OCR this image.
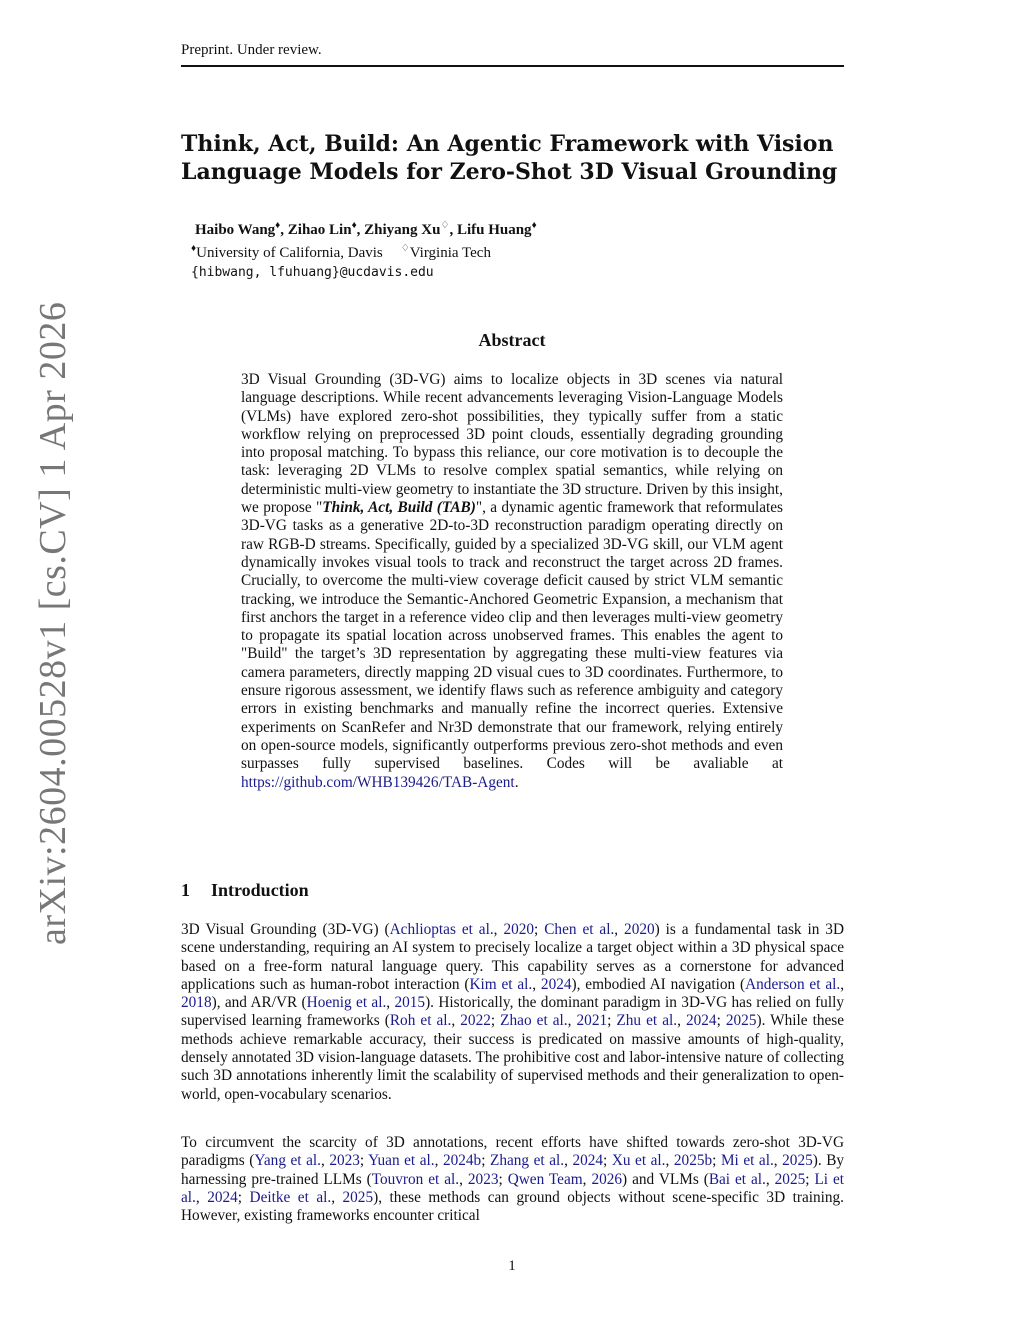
Preprint. Under review.
arXiv:2604.00528v1 [cs.CV] 1 Apr 2026
Think, Act, Build: An Agentic Framework with Vision Language Models for Zero-Shot 3D Visual Grounding
Haibo Wang♦, Zihao Lin♦, Zhiyang Xu♢, Lifu Huang♦
♦University of California, Davis ♢Virginia Tech
{hibwang, lfuhuang}@ucdavis.edu
Abstract
3D Visual Grounding (3D-VG) aims to localize objects in 3D scenes via natural language descriptions. While recent advancements leveraging Vision-Language Models (VLMs) have explored zero-shot possibilities, they typically suffer from a static workflow relying on preprocessed 3D point clouds, essentially degrading grounding into proposal matching. To bypass this reliance, our core motivation is to decouple the task: leveraging 2D VLMs to resolve complex spatial semantics, while relying on deterministic multi-view geometry to instantiate the 3D structure. Driven by this insight, we propose "Think, Act, Build (TAB)", a dynamic agentic framework that reformulates 3D-VG tasks as a generative 2D-to-3D reconstruction paradigm operating directly on raw RGB-D streams. Specifically, guided by a specialized 3D-VG skill, our VLM agent dynamically invokes visual tools to track and reconstruct the target across 2D frames. Crucially, to overcome the multi-view coverage deficit caused by strict VLM semantic tracking, we introduce the Semantic-Anchored Geometric Expansion, a mechanism that first anchors the target in a reference video clip and then leverages multi-view geometry to propagate its spatial location across unobserved frames. This enables the agent to "Build" the target’s 3D representation by aggregating these multi-view features via camera parameters, directly mapping 2D visual cues to 3D coordinates. Furthermore, to ensure rigorous assessment, we identify flaws such as reference ambiguity and category errors in existing benchmarks and manually refine the incorrect queries. Extensive experiments on ScanRefer and Nr3D demonstrate that our framework, relying entirely on open-source models, significantly outperforms previous zero-shot methods and even surpasses fully supervised baselines. Codes will be avaliable at https://github.com/WHB139426/TAB-Agent.
1 Introduction
3D Visual Grounding (3D-VG) (Achlioptas et al., 2020; Chen et al., 2020) is a fundamental task in 3D scene understanding, requiring an AI system to precisely localize a target object within a 3D physical space based on a free-form natural language query. This capability serves as a cornerstone for advanced applications such as human-robot interaction (Kim et al., 2024), embodied AI navigation (Anderson et al., 2018), and AR/VR (Hoenig et al., 2015). Historically, the dominant paradigm in 3D-VG has relied on fully supervised learning frameworks (Roh et al., 2022; Zhao et al., 2021; Zhu et al., 2024; 2025). While these methods achieve remarkable accuracy, their success is predicated on massive amounts of high-quality, densely annotated 3D vision-language datasets. The prohibitive cost and labor-intensive nature of collecting such 3D annotations inherently limit the scalability of supervised methods and their generalization to open-world, open-vocabulary scenarios.
To circumvent the scarcity of 3D annotations, recent efforts have shifted towards zero-shot 3D-VG paradigms (Yang et al., 2023; Yuan et al., 2024b; Zhang et al., 2024; Xu et al., 2025b; Mi et al., 2025). By harnessing pre-trained LLMs (Touvron et al., 2023; Qwen Team, 2026) and VLMs (Bai et al., 2025; Li et al., 2024; Deitke et al., 2025), these methods can ground objects without scene-specific 3D training. However, existing frameworks encounter critical
1
